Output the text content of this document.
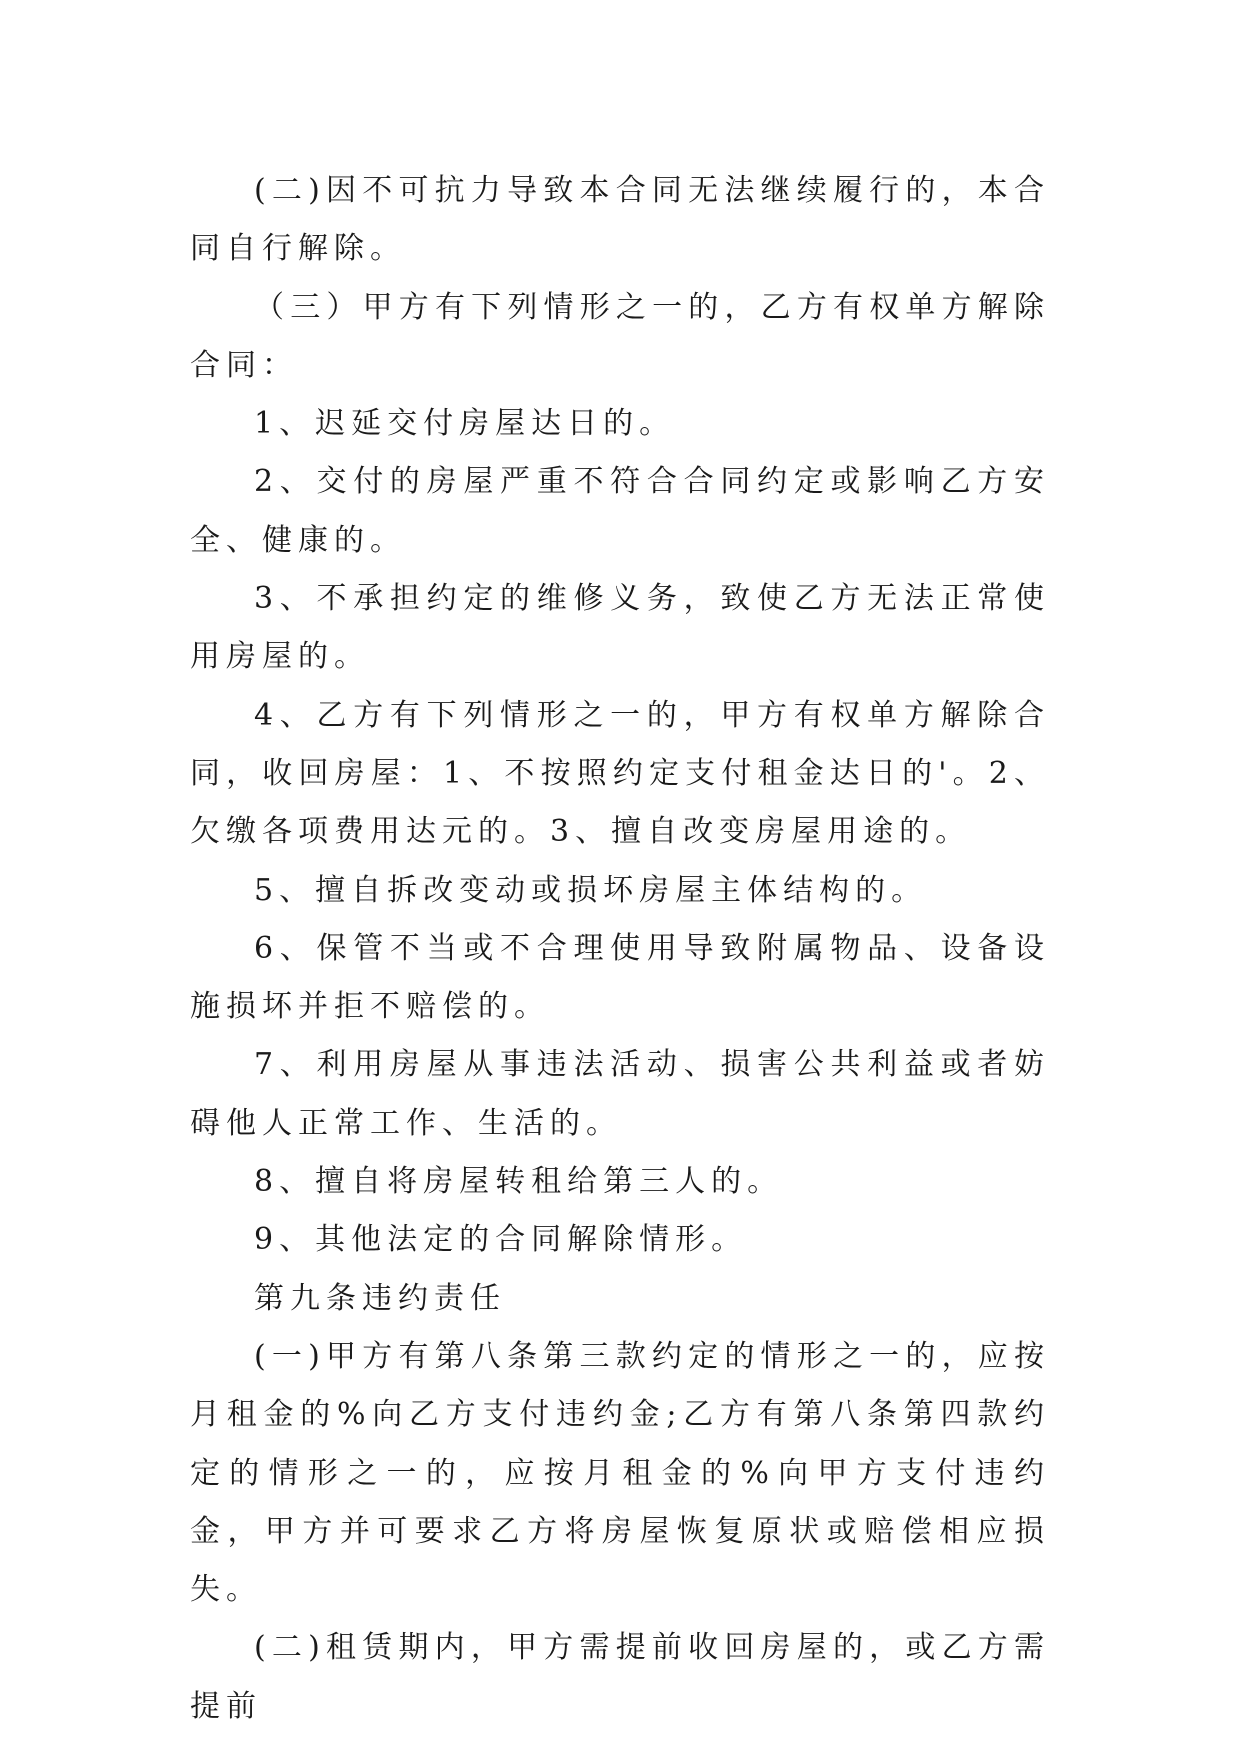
(二)因不可抗力导致本合同无法继续履行的，本合同自行解除。

（三）甲方有下列情形之一的，乙方有权单方解除合同：

1、迟延交付房屋达日的。

2、交付的房屋严重不符合合同约定或影响乙方安全、健康的。

3、不承担约定的维修义务，致使乙方无法正常使用房屋的。

4、乙方有下列情形之一的，甲方有权单方解除合同，收回房屋：1、不按照约定支付租金达日的'。2、欠缴各项费用达元的。3、擅自改变房屋用途的。

5、擅自拆改变动或损坏房屋主体结构的。

6、保管不当或不合理使用导致附属物品、设备设施损坏并拒不赔偿的。

7、利用房屋从事违法活动、损害公共利益或者妨碍他人正常工作、生活的。

8、擅自将房屋转租给第三人的。

9、其他法定的合同解除情形。

第九条违约责任

(一)甲方有第八条第三款约定的情形之一的，应按月租金的%向乙方支付违约金;乙方有第八条第四款约定的情形之一的，应按月租金的%向甲方支付违约金，甲方并可要求乙方将房屋恢复原状或赔偿相应损失。

(二)租赁期内，甲方需提前收回房屋的，或乙方需提前
